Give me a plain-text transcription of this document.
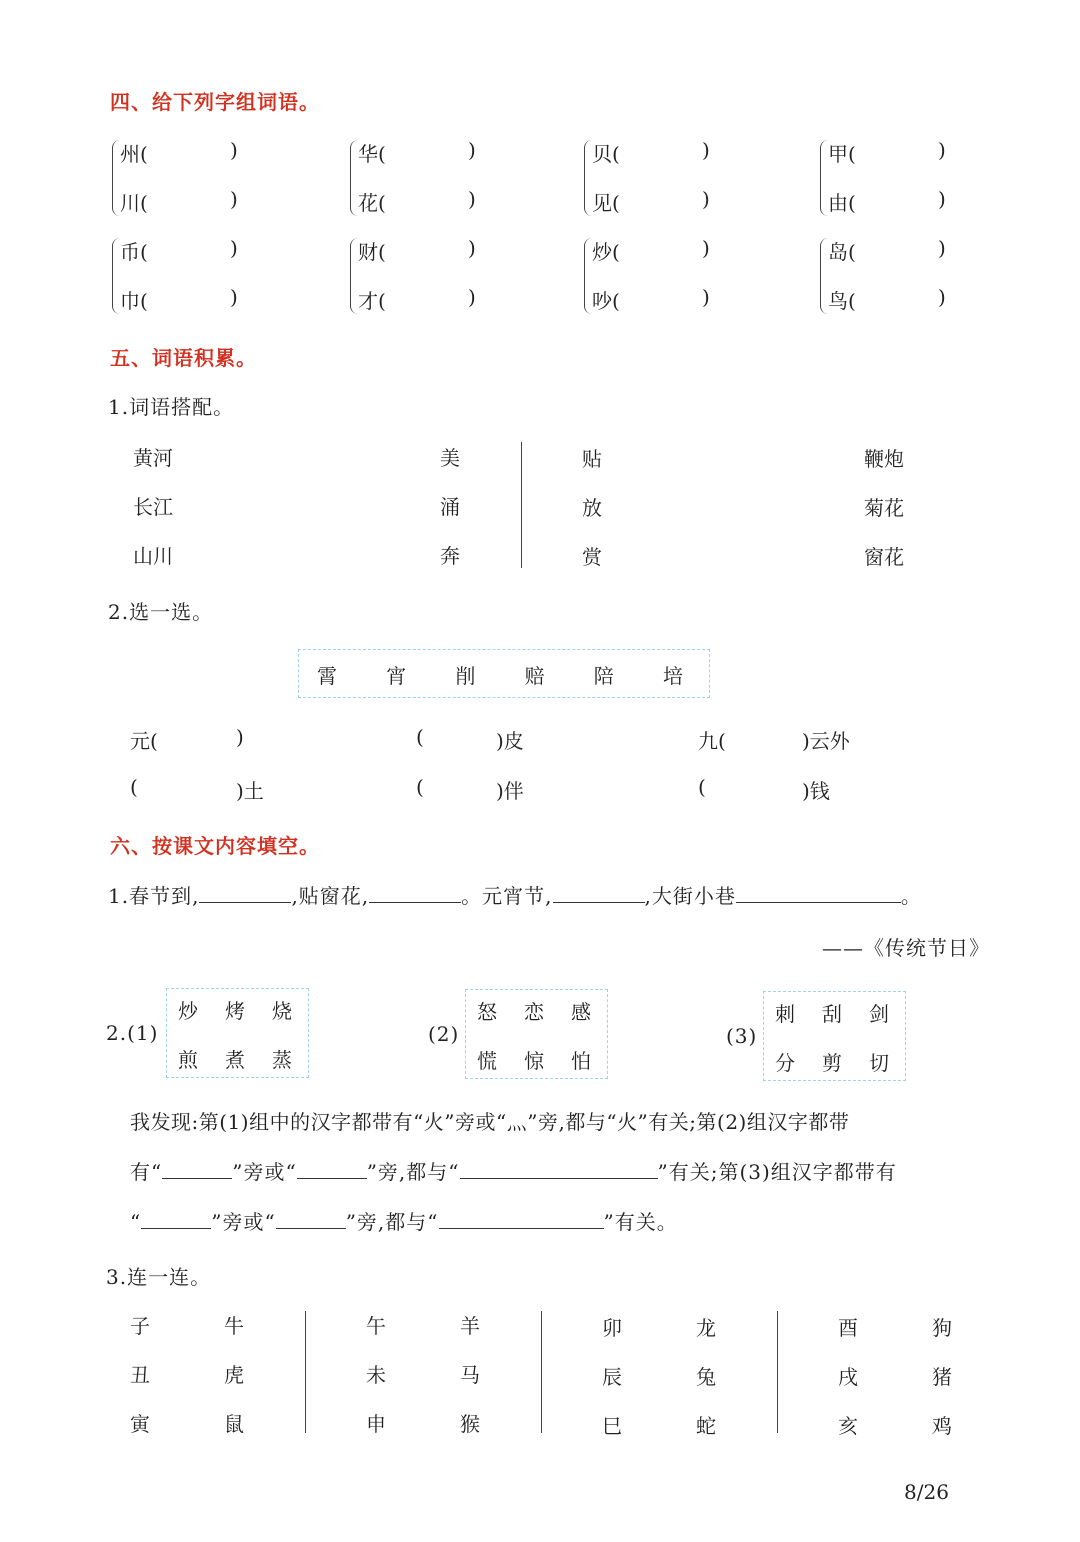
四、给下列字组词语。
州(	)
川(	)
华(	)
花(	)
贝(	)
见(	)
甲(	)
由(	)
币(	)
巾(	)
财(	)
才(	)
炒(	)
吵(	)
岛(	)
鸟(	)
五、词语积累。
1.词语搭配。
黄河	美	贴	鞭炮
长江	涌	放	菊花
山川	奔	赏	窗花
2.选一选。
霄 宵 削 赔 陪 培
元(	)	(	)皮	九(	)云外
(	)土	(	)伴	(	)钱
六、按课文内容填空。
1.春节到,	,贴窗花,	。元宵节,	,大街小巷	。
——《传统节日》
2.(1)	(2)	(3)
炒 烤 烧
煎 煮 蒸
怒 恋 感
慌 惊 怕
刺 刮 剑
分 剪 切
我发现:第(1)组中的汉字都带有“火”旁或“灬”旁,都与“火”有关;第(2)组汉字都带
有“	”旁或“	”旁,都与“	”有关;第(3)组汉字都带有
“	”旁或“	”旁,都与“	”有关。
3.连一连。
子	牛
丑	虎
寅	鼠
午	羊
未	马
申	猴
卯	龙
辰	兔
巳	蛇
酉	狗
戌	猪
亥	鸡
8/26
